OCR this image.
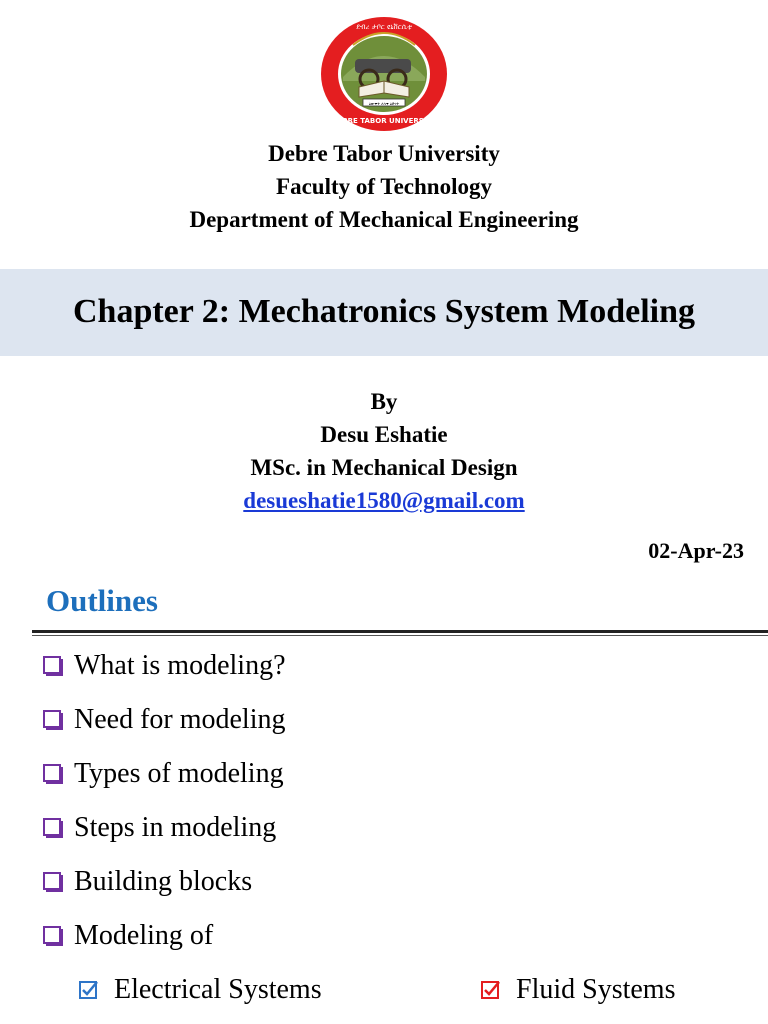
ደብረ ታቦር ዩኒቨርሲቲ
DEBRE TABOR UNIVERSITY
ዕውቀት ለላቀ ዕድገት
Debre Tabor University
Faculty of Technology
Department of Mechanical Engineering
Chapter 2: Mechatronics System Modeling
By
Desu Eshatie
MSc. in Mechanical Design
desueshatie1580@gmail.com
02-Apr-23
Outlines
What is modeling?
Need for modeling
Types of modeling
Steps in modeling
Building blocks
Modeling of
Electrical Systems	Fluid Systems
